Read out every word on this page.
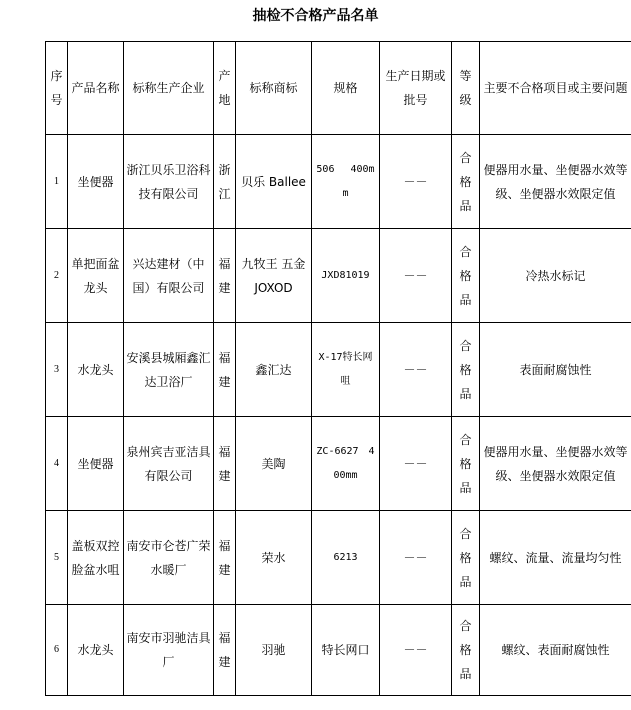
抽检不合格产品名单
序号	产品名称	标称生产企业	产地	标称商标	规格	生产日期或批号	等级	主要不合格项目或主要问题
1	坐便器	浙江贝乐卫浴科技有限公司	浙江	贝乐 Ballee	506　 400mm	－－	合格品	便器用水量、坐便器水效等级、坐便器水效限定值
2	单把面盆龙头	兴达建材（中国）有限公司	福建	九牧王 五金 JOXOD	JXD81019	－－	合格品	冷热水标记
3	水龙头	安溪县城厢鑫汇达卫浴厂	福建	鑫汇达	X-17特长网咀	－－	合格品	表面耐腐蚀性
4	坐便器	泉州宾吉亚洁具有限公司	福建	美陶	ZC-6627　400mm	－－	合格品	便器用水量、坐便器水效等级、坐便器水效限定值
5	盖板双控脸盆水咀	南安市仑苍广荣水暖厂	福建	荣水	6213	－－	合格品	螺纹、流量、流量均匀性
6	水龙头	南安市羽驰洁具厂	福建	羽驰	特长网口	－－	合格品	螺纹、表面耐腐蚀性
